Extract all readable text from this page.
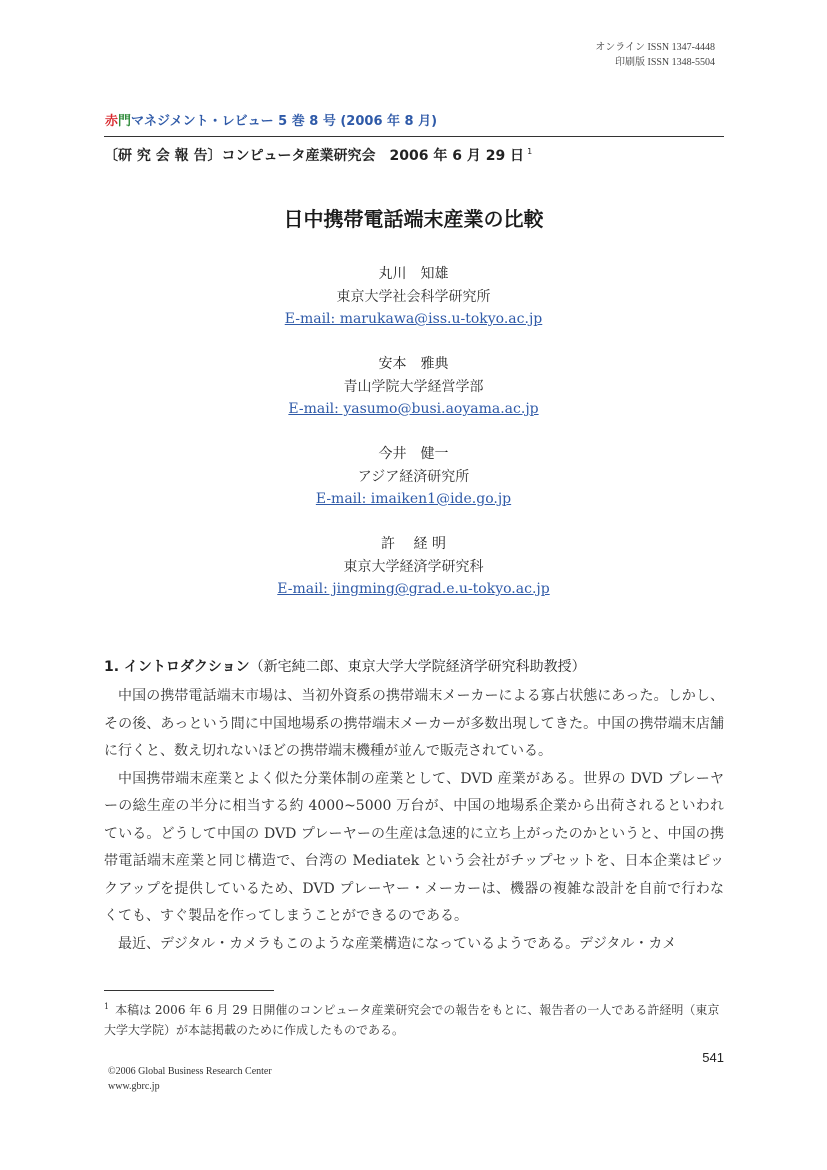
オンライン ISSN 1347-4448
印刷版 ISSN 1348-5504
赤門マネジメント・レビュー 5 巻 8 号 (2006 年 8 月)
〔研 究 会 報 告〕コンピュータ産業研究会　2006 年 6 月 29 日 $^1$
日中携帯電話端末産業の比較
丸川　知雄
東京大学社会科学研究所
E-mail: marukawa@iss.u-tokyo.ac.jp
安本　雅典
青山学院大学経営学部
E-mail: yasumo@busi.aoyama.ac.jp
今井　健一
アジア経済研究所
E-mail: imaiken1@ide.go.jp
許　 経 明
東京大学経済学研究科
E-mail: jingming@grad.e.u-tokyo.ac.jp
1. イントロダクション（新宅純二郎、東京大学大学院経済学研究科助教授）

中国の携帯電話端末市場は、当初外資系の携帯端末メーカーによる寡占状態にあった。しかし、その後、あっという間に中国地場系の携帯端末メーカーが多数出現してきた。中国の携帯端末店舗に行くと、数え切れないほどの携帯端末機種が並んで販売されている。

中国携帯端末産業とよく似た分業体制の産業として、DVD 産業がある。世界の DVD プレーヤーの総生産の半分に相当する約 4000~5000 万台が、中国の地場系企業から出荷されるといわれている。どうして中国の DVD プレーヤーの生産は急速的に立ち上がったのかというと、中国の携帯電話端末産業と同じ構造で、台湾の Mediatek という会社がチップセットを、日本企業はピックアップを提供しているため、DVD プレーヤー・メーカーは、機器の複雑な設計を自前で行わなくても、すぐ製品を作ってしまうことができるのである。

最近、デジタル・カメラもこのような産業構造になっているようである。デジタル・カメ

$^1$ 本稿は 2006 年 6 月 29 日開催のコンピュータ産業研究会での報告をもとに、報告者の一人である許経明（東京大学大学院）が本誌掲載のために作成したものである。
541
©2006 Global Business Research Center
www.gbrc.jp
